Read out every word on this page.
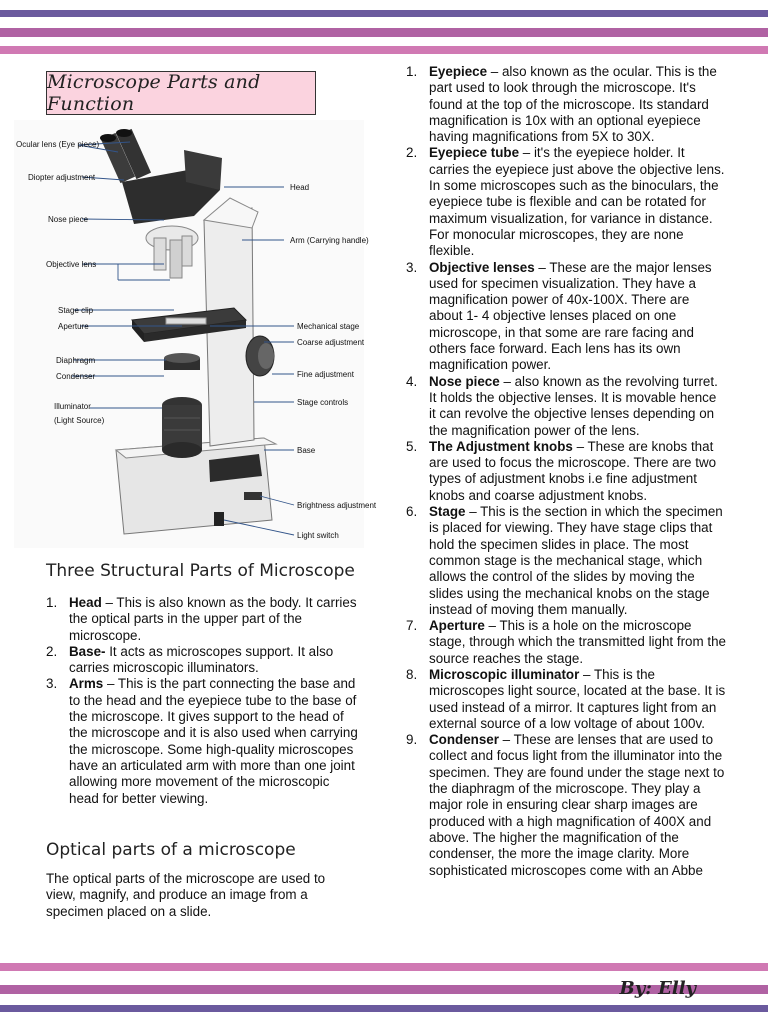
Microscope Parts and Function
Ocular lens (Eye piece)
Diopter adjustment
Nose piece
Objective lens
Stage clip
Aperture
Diaphragm
Condenser
Illuminator
(Light Source)
Head
Arm (Carrying handle)
Mechanical stage
Coarse adjustment
Fine adjustment
Stage controls
Base
Brightness adjustment
Light switch
Three Structural Parts of Microscope
1. Head – This is also known as the body. It carries the optical parts in the upper part of the microscope.
2. Base- It acts as microscopes support. It also carries microscopic illuminators.
3. Arms – This is the part connecting the base and to the head and the eyepiece tube to the base of the microscope. It gives support to the head of the microscope and it is also used when carrying the microscope. Some high-quality microscopes have an articulated arm with more than one joint allowing more movement of the microscopic head for better viewing.
Optical parts of a microscope
The optical parts of the microscope are used to view, magnify, and produce an image from a specimen placed on a slide.
1. Eyepiece – also known as the ocular. This is the part used to look through the microscope. It's found at the top of the microscope. Its standard magnification is 10x with an optional eyepiece having magnifications from 5X to 30X.
2. Eyepiece tube – it's the eyepiece holder. It carries the eyepiece just above the objective lens. In some microscopes such as the binoculars, the eyepiece tube is flexible and can be rotated for maximum visualization, for variance in distance. For monocular microscopes, they are none flexible.
3. Objective lenses – These are the major lenses used for specimen visualization. They have a magnification power of 40x-100X. There are about 1- 4 objective lenses placed on one microscope, in that some are rare facing and others face forward. Each lens has its own magnification power.
4. Nose piece – also known as the revolving turret. It holds the objective lenses. It is movable hence it can revolve the objective lenses depending on the magnification power of the lens.
5. The Adjustment knobs – These are knobs that are used to focus the microscope. There are two types of adjustment knobs i.e fine adjustment knobs and coarse adjustment knobs.
6. Stage – This is the section in which the specimen is placed for viewing. They have stage clips that hold the specimen slides in place. The most common stage is the mechanical stage, which allows the control of the slides by moving the slides using the mechanical knobs on the stage instead of moving them manually.
7. Aperture – This is a hole on the microscope stage, through which the transmitted light from the source reaches the stage.
8. Microscopic illuminator – This is the microscopes light source, located at the base. It is used instead of a mirror. It captures light from an external source of a low voltage of about 100v.
9. Condenser – These are lenses that are used to collect and focus light from the illuminator into the specimen. They are found under the stage next to the diaphragm of the microscope. They play a major role in ensuring clear sharp images are produced with a high magnification of 400X and above. The higher the magnification of the condenser, the more the image clarity. More sophisticated microscopes come with an Abbe
By: Elly
